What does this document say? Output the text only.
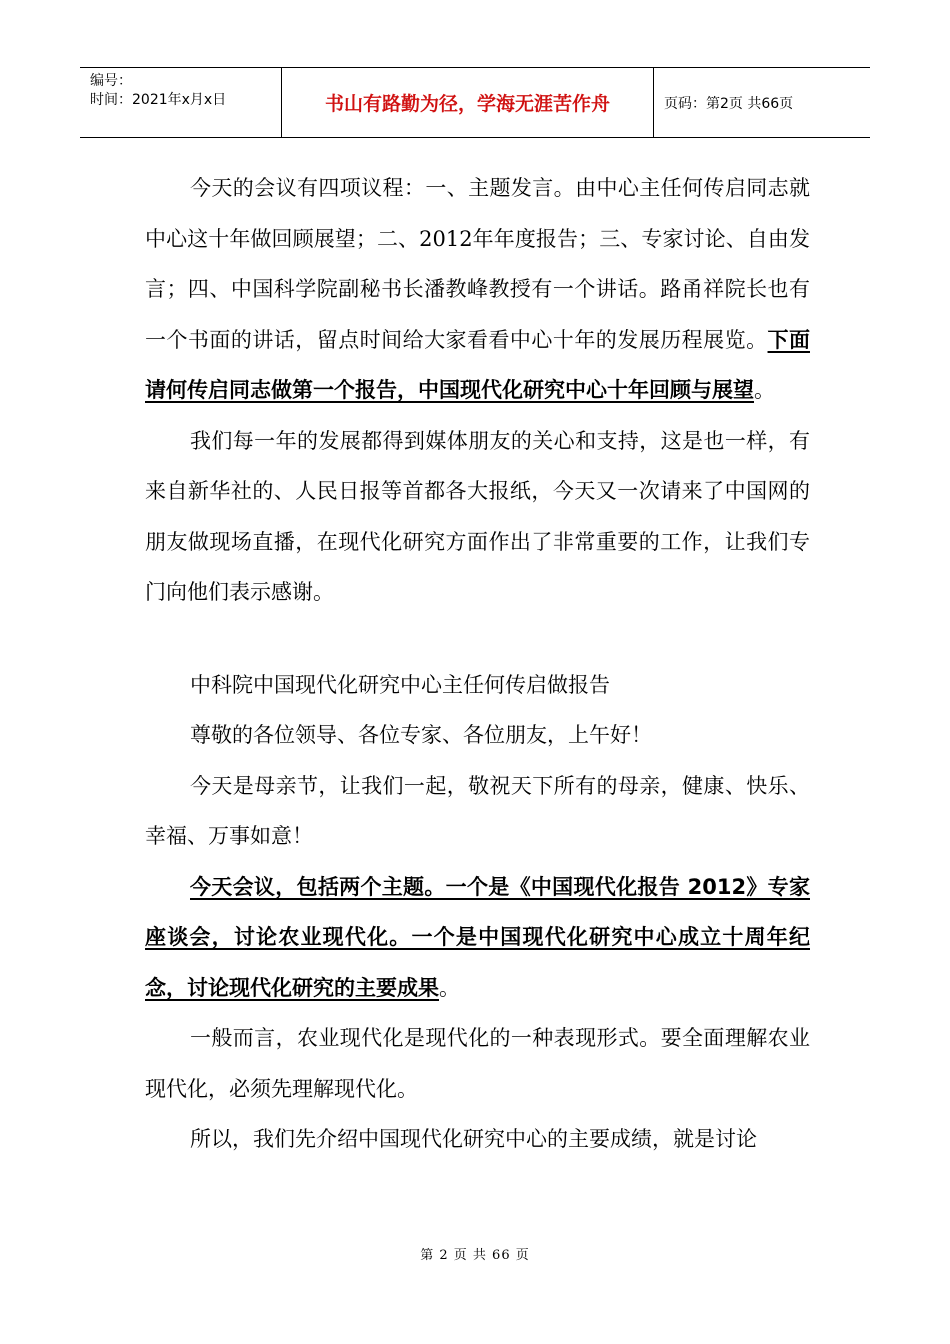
编号：
时间：2021年x月x日	书山有路勤为径，学海无涯苦作舟	页码：第2页 共66页

今天的会议有四项议程：一、主题发言。由中心主任何传启同志就中心这十年做回顾展望；二、2012年年度报告；三、专家讨论、自由发言；四、中国科学院副秘书长潘教峰教授有一个讲话。路甬祥院长也有一个书面的讲话，留点时间给大家看看中心十年的发展历程展览。下面请何传启同志做第一个报告，中国现代化研究中心十年回顾与展望。

我们每一年的发展都得到媒体朋友的关心和支持，这是也一样，有来自新华社的、人民日报等首都各大报纸，今天又一次请来了中国网的朋友做现场直播，在现代化研究方面作出了非常重要的工作，让我们专门向他们表示感谢。

中科院中国现代化研究中心主任何传启做报告

尊敬的各位领导、各位专家、各位朋友，上午好！

今天是母亲节，让我们一起，敬祝天下所有的母亲，健康、快乐、幸福、万事如意！

今天会议，包括两个主题。一个是《中国现代化报告 2012》专家座谈会，讨论农业现代化。一个是中国现代化研究中心成立十周年纪念，讨论现代化研究的主要成果。

一般而言，农业现代化是现代化的一种表现形式。要全面理解农业现代化，必须先理解现代化。

所以，我们先介绍中国现代化研究中心的主要成绩，就是讨论

第 2 页 共 66 页
